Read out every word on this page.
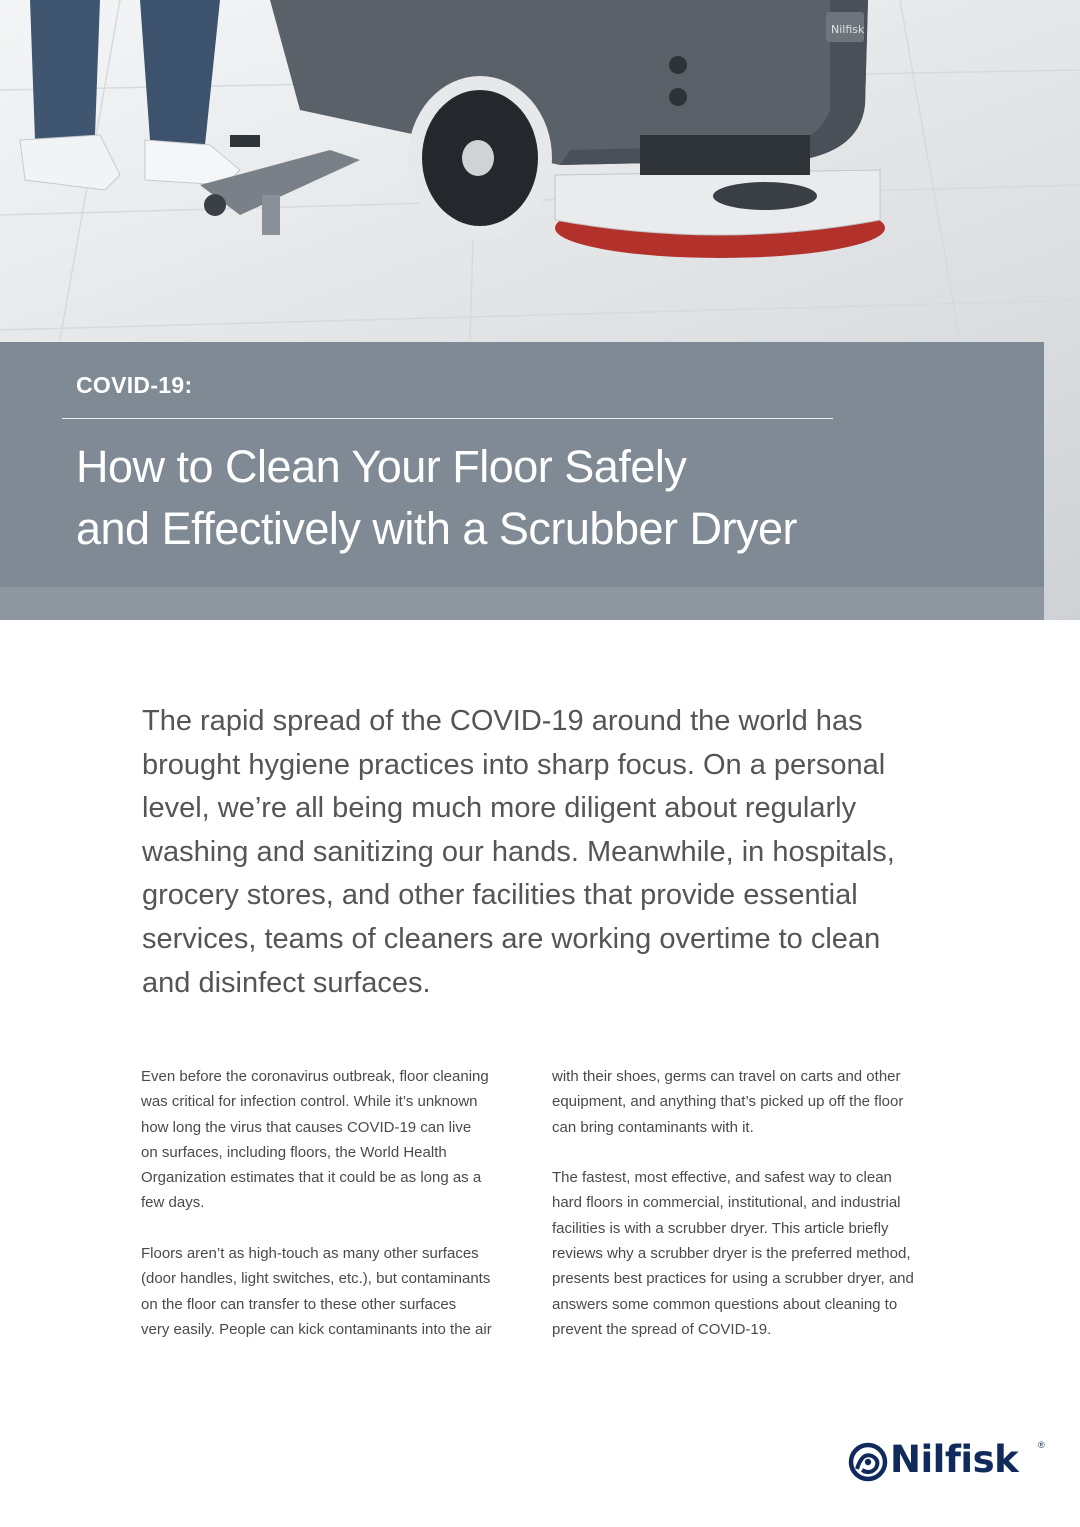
Nilfisk

COVID-19:

How to Clean Your Floor Safely
and Effectively with a Scrubber Dryer

The rapid spread of the COVID-19 around the world has
brought hygiene practices into sharp focus. On a personal
level, we’re all being much more diligent about regularly
washing and sanitizing our hands. Meanwhile, in hospitals,
grocery stores, and other facilities that provide essential
services, teams of cleaners are working overtime to clean
and disinfect surfaces.

Even before the coronavirus outbreak, floor cleaning
was critical for infection control. While it’s unknown
how long the virus that causes COVID-19 can live
on surfaces, including floors, the World Health
Organization estimates that it could be as long as a
few days.

Floors aren’t as high-touch as many other surfaces
(door handles, light switches, etc.), but contaminants
on the floor can transfer to these other surfaces
very easily. People can kick contaminants into the air

with their shoes, germs can travel on carts and other
equipment, and anything that’s picked up off the floor
can bring contaminants with it.

The fastest, most effective, and safest way to clean
hard floors in commercial, institutional, and industrial
facilities is with a scrubber dryer. This article briefly
reviews why a scrubber dryer is the preferred method,
presents best practices for using a scrubber dryer, and
answers some common questions about cleaning to
prevent the spread of COVID-19.

Nilfisk ®
